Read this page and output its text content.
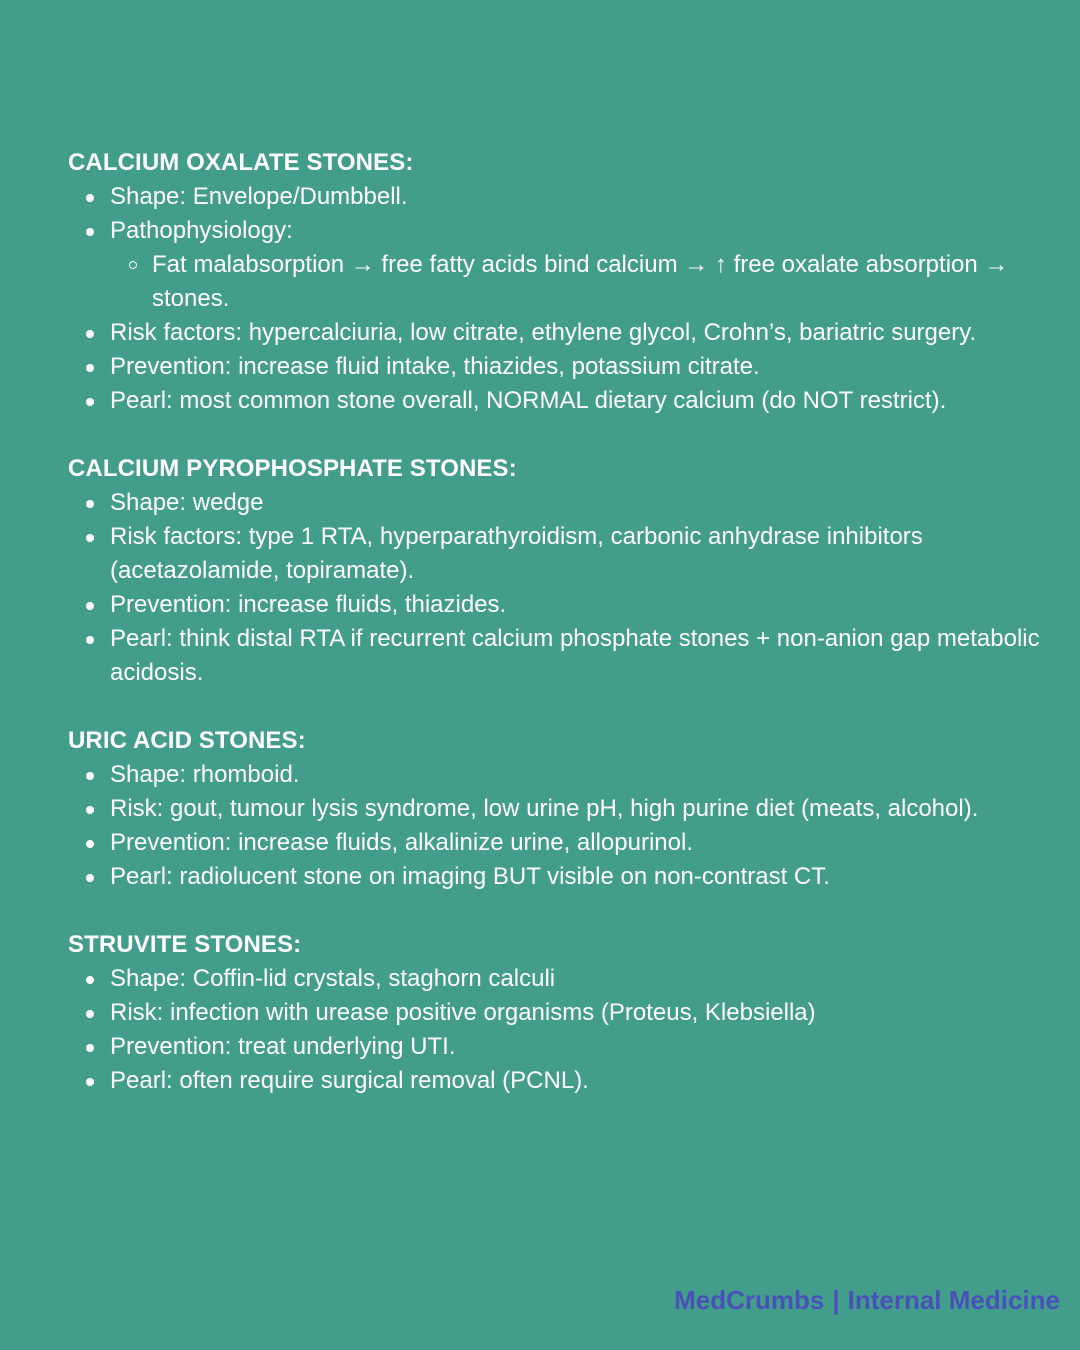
CALCIUM OXALATE STONES:
Shape: Envelope/Dumbbell.
Pathophysiology:
Fat malabsorption → free fatty acids bind calcium → ↑ free oxalate absorption → stones.
Risk factors: hypercalciuria, low citrate, ethylene glycol, Crohn’s, bariatric surgery.
Prevention: increase fluid intake, thiazides, potassium citrate.
Pearl: most common stone overall, NORMAL dietary calcium (do NOT restrict).
CALCIUM PYROPHOSPHATE STONES:
Shape: wedge
Risk factors: type 1 RTA, hyperparathyroidism, carbonic anhydrase inhibitors (acetazolamide, topiramate).
Prevention: increase fluids, thiazides.
Pearl: think distal RTA if recurrent calcium phosphate stones + non-anion gap metabolic acidosis.
URIC ACID STONES:
Shape: rhomboid.
Risk: gout, tumour lysis syndrome, low urine pH, high purine diet (meats, alcohol).
Prevention: increase fluids, alkalinize urine, allopurinol.
Pearl: radiolucent stone on imaging BUT visible on non-contrast CT.
STRUVITE STONES:
Shape: Coffin-lid crystals, staghorn calculi
Risk: infection with urease positive organisms (Proteus, Klebsiella)
Prevention: treat underlying UTI.
Pearl: often require surgical removal (PCNL).
MedCrumbs | Internal Medicine
